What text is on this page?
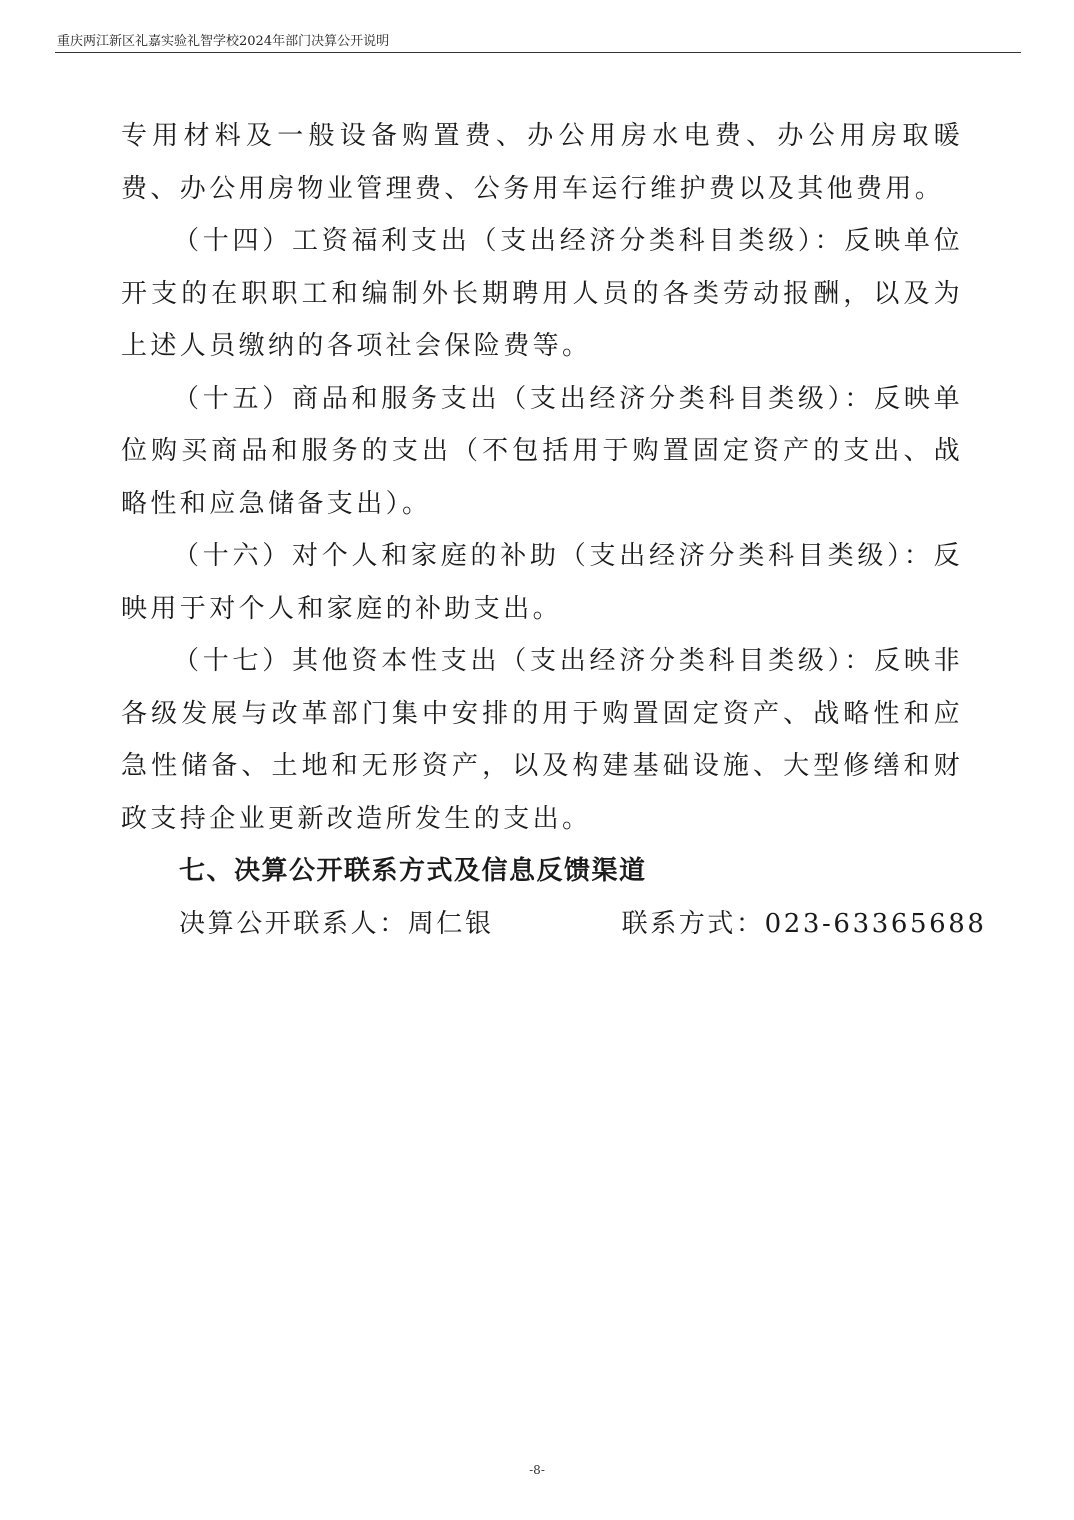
重庆两江新区礼嘉实验礼智学校2024年部门决算公开说明

专用材料及一般设备购置费、办公用房水电费、办公用房取暖费、办公用房物业管理费、公务用车运行维护费以及其他费用。

（十四）工资福利支出（支出经济分类科目类级）：反映单位开支的在职职工和编制外长期聘用人员的各类劳动报酬，以及为上述人员缴纳的各项社会保险费等。

（十五）商品和服务支出（支出经济分类科目类级）：反映单位购买商品和服务的支出（不包括用于购置固定资产的支出、战略性和应急储备支出）。

（十六）对个人和家庭的补助（支出经济分类科目类级）：反映用于对个人和家庭的补助支出。

（十七）其他资本性支出（支出经济分类科目类级）：反映非各级发展与改革部门集中安排的用于购置固定资产、战略性和应急性储备、土地和无形资产，以及构建基础设施、大型修缮和财政支持企业更新改造所发生的支出。

七、决算公开联系方式及信息反馈渠道

决算公开联系人：周仁银	联系方式：023-63365688

-8-
